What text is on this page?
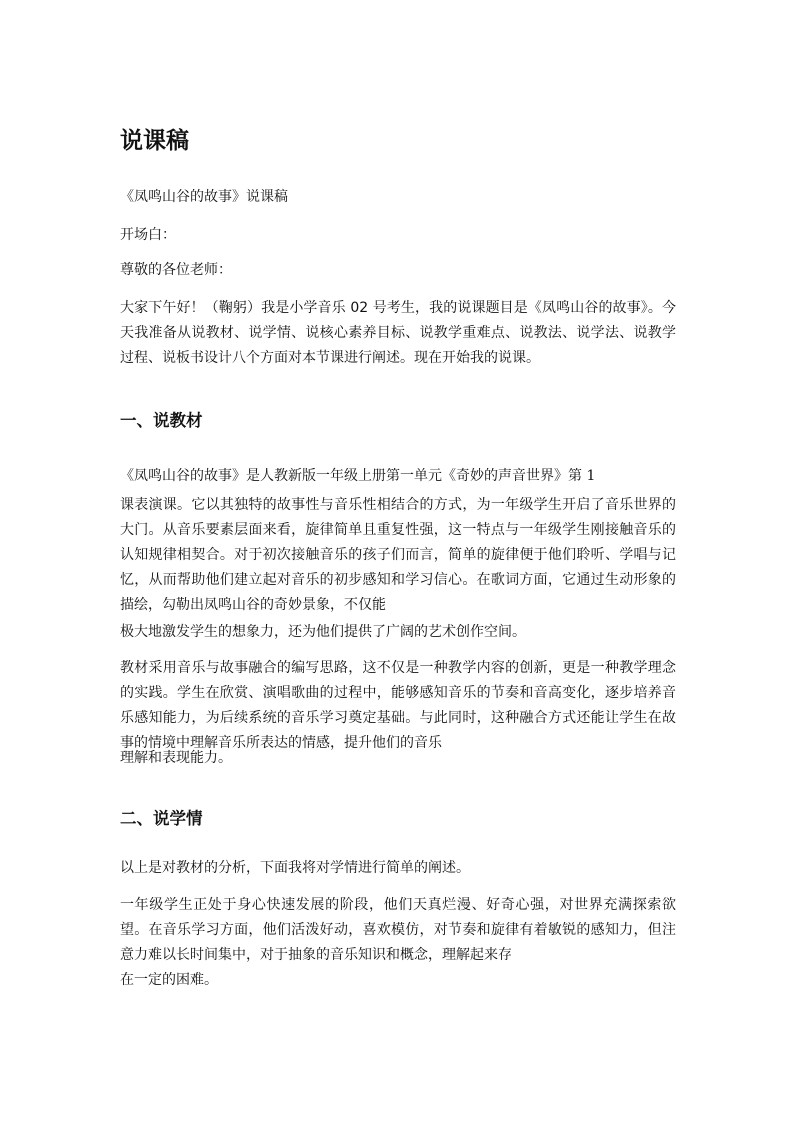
说课稿
《凤鸣山谷的故事》说课稿
开场白：
尊敬的各位老师：
大家下午好！（鞠躬）我是小学音乐 02 号考生，我的说课题目是《凤鸣山谷的故事》。今天我准备从说教材、说学情、说核心素养目标、说教学重难点、说教法、说学法、说教学过程、说板书设计八个方面对本节课进行阐述。现在开始我的说课。
一、说教材
《凤鸣山谷的故事》是人教新版一年级上册第一单元《奇妙的声音世界》第 1
课表演课。它以其独特的故事性与音乐性相结合的方式，为一年级学生开启了音乐世界的大门。从音乐要素层面来看，旋律简单且重复性强，这一特点与一年级学生刚接触音乐的认知规律相契合。对于初次接触音乐的孩子们而言，简单的旋律便于他们聆听、学唱与记忆，从而帮助他们建立起对音乐的初步感知和学习信心。在歌词方面，它通过生动形象的描绘，勾勒出凤鸣山谷的奇妙景象，不仅能
极大地激发学生的想象力，还为他们提供了广阔的艺术创作空间。
教材采用音乐与故事融合的编写思路，这不仅是一种教学内容的创新，更是一种教学理念的实践。学生在欣赏、演唱歌曲的过程中，能够感知音乐的节奏和音高变化，逐步培养音乐感知能力，为后续系统的音乐学习奠定基础。与此同时，这种融合方式还能让学生在故事的情境中理解音乐所表达的情感，提升他们的音乐
理解和表现能力。
二、说学情
以上是对教材的分析，下面我将对学情进行简单的阐述。
一年级学生正处于身心快速发展的阶段，他们天真烂漫、好奇心强，对世界充满探索欲望。在音乐学习方面，他们活泼好动，喜欢模仿，对节奏和旋律有着敏锐的感知力，但注意力难以长时间集中，对于抽象的音乐知识和概念，理解起来存
在一定的困难。
